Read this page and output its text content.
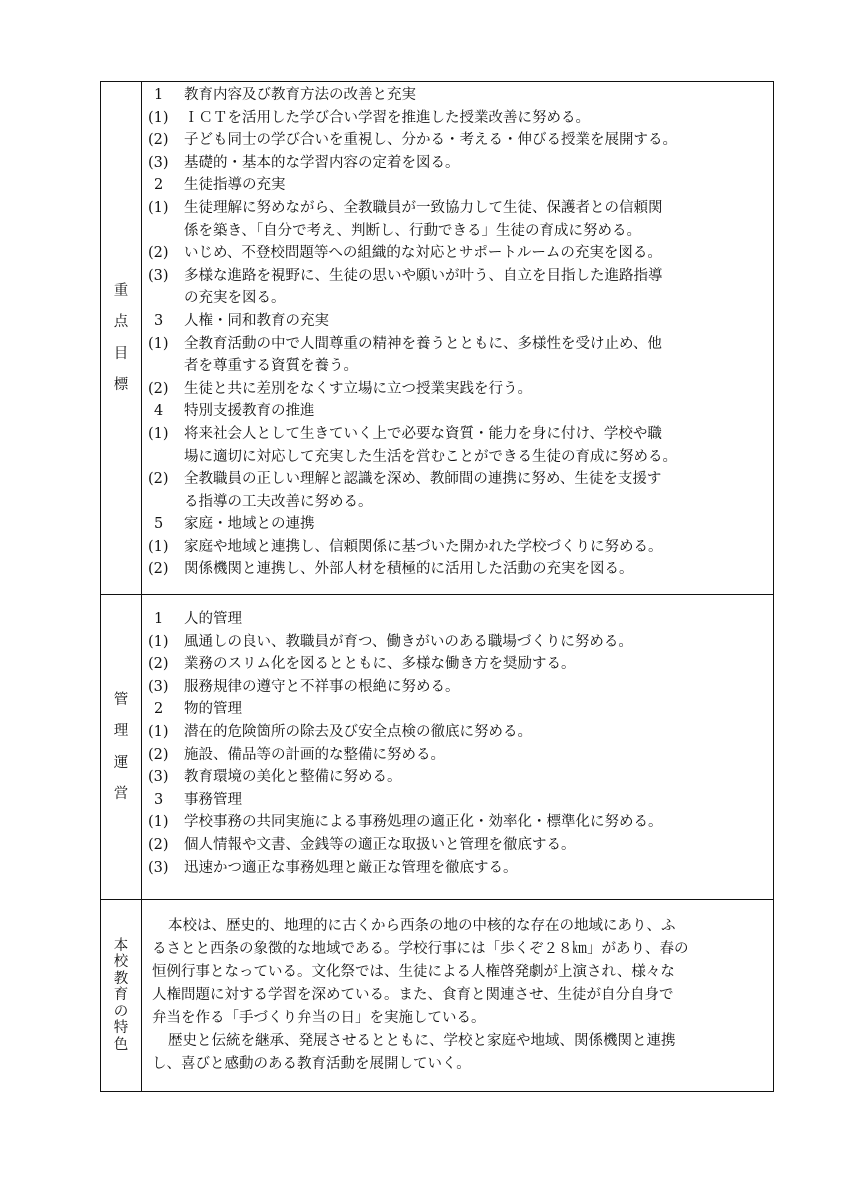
重
点
目
標
1 教育内容及び教育方法の改善と充実
(1) ＩＣＴを活用した学び合い学習を推進した授業改善に努める。
(2) 子ども同士の学び合いを重視し、分かる・考える・伸びる授業を展開する。
(3) 基礎的・基本的な学習内容の定着を図る。
2 生徒指導の充実
(1) 生徒理解に努めながら、全教職員が一致協力して生徒、保護者との信頼関
係を築き、「自分で考え、判断し、行動できる」生徒の育成に努める。
(2) いじめ、不登校問題等への組織的な対応とサポートルームの充実を図る。
(3) 多様な進路を視野に、生徒の思いや願いが叶う、自立を目指した進路指導
の充実を図る。
3 人権・同和教育の充実
(1) 全教育活動の中で人間尊重の精神を養うとともに、多様性を受け止め、他
者を尊重する資質を養う。
(2) 生徒と共に差別をなくす立場に立つ授業実践を行う。
4 特別支援教育の推進
(1) 将来社会人として生きていく上で必要な資質・能力を身に付け、学校や職
場に適切に対応して充実した生活を営むことができる生徒の育成に努める。
(2) 全教職員の正しい理解と認識を深め、教師間の連携に努め、生徒を支援す
る指導の工夫改善に努める。
5 家庭・地域との連携
(1) 家庭や地域と連携し、信頼関係に基づいた開かれた学校づくりに努める。
(2) 関係機関と連携し、外部人材を積極的に活用した活動の充実を図る。
管
理
運
営
1 人的管理
(1) 風通しの良い、教職員が育つ、働きがいのある職場づくりに努める。
(2) 業務のスリム化を図るとともに、多様な働き方を奨励する。
(3) 服務規律の遵守と不祥事の根絶に努める。
2 物的管理
(1) 潜在的危険箇所の除去及び安全点検の徹底に努める。
(2) 施設、備品等の計画的な整備に努める。
(3) 教育環境の美化と整備に努める。
3 事務管理
(1) 学校事務の共同実施による事務処理の適正化・効率化・標準化に努める。
(2) 個人情報や文書、金銭等の適正な取扱いと管理を徹底する。
(3) 迅速かつ適正な事務処理と厳正な管理を徹底する。
本
校
教
育
の
特
色
本校は、歴史的、地理的に古くから西条の地の中核的な存在の地域にあり、ふ
るさとと西条の象徴的な地域である。学校行事には「歩くぞ２８㎞」があり、春の
恒例行事となっている。文化祭では、生徒による人権啓発劇が上演され、様々な
人権問題に対する学習を深めている。また、食育と関連させ、生徒が自分自身で
弁当を作る「手づくり弁当の日」を実施している。
歴史と伝統を継承、発展させるとともに、学校と家庭や地域、関係機関と連携
し、喜びと感動のある教育活動を展開していく。
